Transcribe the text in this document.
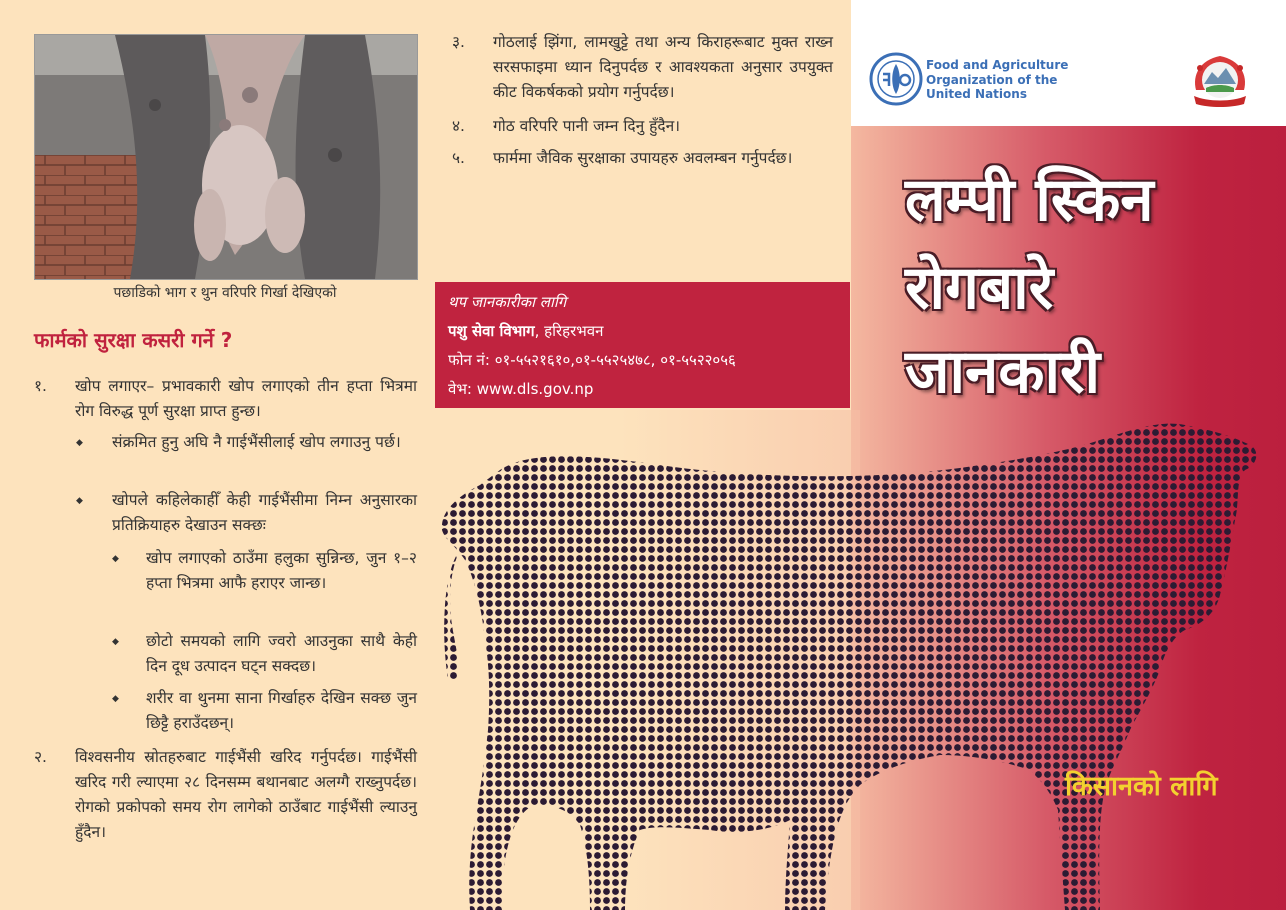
पछाडिको भाग र थुन वरिपरि गिर्खा देखिएको
फार्मको सुरक्षा कसरी गर्ने ?
१. खोप लगाएर– प्रभावकारी खोप लगाएको तीन हप्ता भित्रमा रोग विरुद्ध पूर्ण सुरक्षा प्राप्त हुन्छ।
◆ संक्रमित हुनु अघि नै गाईभैंसीलाई खोप लगाउनु पर्छ।
◆ खोपले कहिलेकाहीँ केही गाईभैंसीमा निम्न अनुसारका प्रतिक्रियाहरु देखाउन सक्छः
◆ खोप लगाएको ठाउँमा हलुका सुन्निन्छ, जुन १–२ हप्ता भित्रमा आफै हराएर जान्छ।
◆ छोटो समयको लागि ज्वरो आउनुका साथै केही दिन दूध उत्पादन घट्न सक्दछ।
◆ शरीर वा थुनमा साना गिर्खाहरु देखिन सक्छ जुन छिट्टै हराउँदछन्।
२. विश्वसनीय स्रोतहरुबाट गाईभैंसी खरिद गर्नुपर्दछ। गाईभैंसी खरिद गरी ल्याएमा २८ दिनसम्म बथानबाट अलग्गै राख्नुपर्दछ। रोगको प्रकोपको समय रोग लागेको ठाउँबाट गाईभैंसी ल्याउनु हुँदैन।
३. गोठलाई झिंगा, लामखुट्टे तथा अन्य किराहरूबाट मुक्त राख्न सरसफाइमा ध्यान दिनुपर्दछ र आवश्यकता अनुसार उपयुक्त कीट विकर्षकको प्रयोग गर्नुपर्दछ।
४. गोठ वरिपरि पानी जम्न दिनु हुँदैन।
५. फार्ममा जैविक सुरक्षाका उपायहरु अवलम्बन गर्नुपर्दछ।
थप जानकारीका लागि
पशु सेवा विभाग, हरिहरभवन
फोन नं: ०१-५५२१६१०,०१-५५२५४७८, ०१-५५२२०५६
वेभ: www.dls.gov.np
Food and Agriculture
Organization of the
United Nations
लम्पी स्किन
रोगबारे
जानकारी
किसानको लागि
